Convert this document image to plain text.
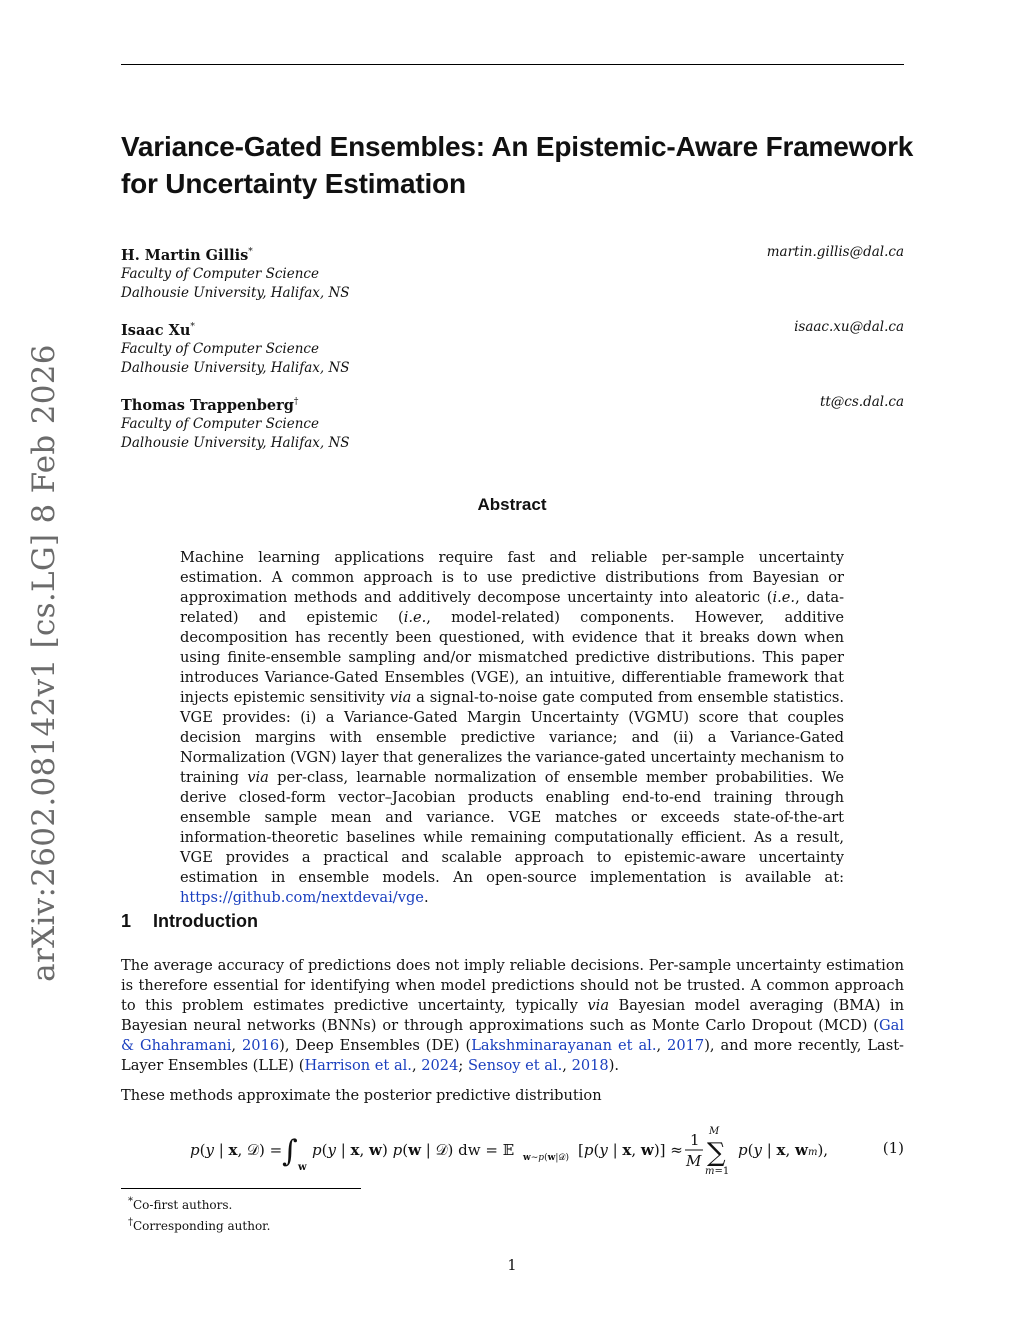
arXiv:2602.08142v1 [cs.LG] 8 Feb 2026
Variance-Gated Ensembles: An Epistemic-Aware Framework for Uncertainty Estimation
H. Martin Gillis*	martin.gillis@dal.ca
Faculty of Computer Science
Dalhousie University, Halifax, NS
Isaac Xu*	isaac.xu@dal.ca
Faculty of Computer Science
Dalhousie University, Halifax, NS
Thomas Trappenberg†	tt@cs.dal.ca
Faculty of Computer Science
Dalhousie University, Halifax, NS
Abstract
Machine learning applications require fast and reliable per-sample uncertainty estimation. A common approach is to use predictive distributions from Bayesian or approximation methods and additively decompose uncertainty into aleatoric (i.e., data-related) and epistemic (i.e., model-related) components. However, additive decomposition has recently been questioned, with evidence that it breaks down when using finite-ensemble sampling and/or mismatched predictive distributions. This paper introduces Variance-Gated Ensembles (VGE), an intuitive, differentiable framework that injects epistemic sensitivity via a signal-to-noise gate computed from ensemble statistics. VGE provides: (i) a Variance-Gated Margin Uncertainty (VGMU) score that couples decision margins with ensemble predictive variance; and (ii) a Variance-Gated Normalization (VGN) layer that generalizes the variance-gated uncertainty mechanism to training via per-class, learnable normalization of ensemble member probabilities. We derive closed-form vector–Jacobian products enabling end-to-end training through ensemble sample mean and variance. VGE matches or exceeds state-of-the-art information-theoretic baselines while remaining computationally efficient. As a result, VGE provides a practical and scalable approach to epistemic-aware uncertainty estimation in ensemble models. An open-source implementation is available at: https://github.com/nextdevai/vge.
1 Introduction
The average accuracy of predictions does not imply reliable decisions. Per-sample uncertainty estimation is therefore essential for identifying when model predictions should not be trusted. A common approach to this problem estimates predictive uncertainty, typically via Bayesian model averaging (BMA) in Bayesian neural networks (BNNs) or through approximations such as Monte Carlo Dropout (MCD) (Gal & Ghahramani, 2016), Deep Ensembles (DE) (Lakshminarayanan et al., 2017), and more recently, Last-Layer Ensembles (LLE) (Harrison et al., 2024; Sensoy et al., 2018).
These methods approximate the posterior predictive distribution
p(y | x, 𝒟) = ∫ w
p(y | x, w) p(w | 𝒟) dw = 𝔼 w∼p(w|𝒟) [p(y | x, w)] ≈
1
M
M
∑
m=1
p(y | x, wm),	(1)
*Co-first authors.
†Corresponding author.
1
